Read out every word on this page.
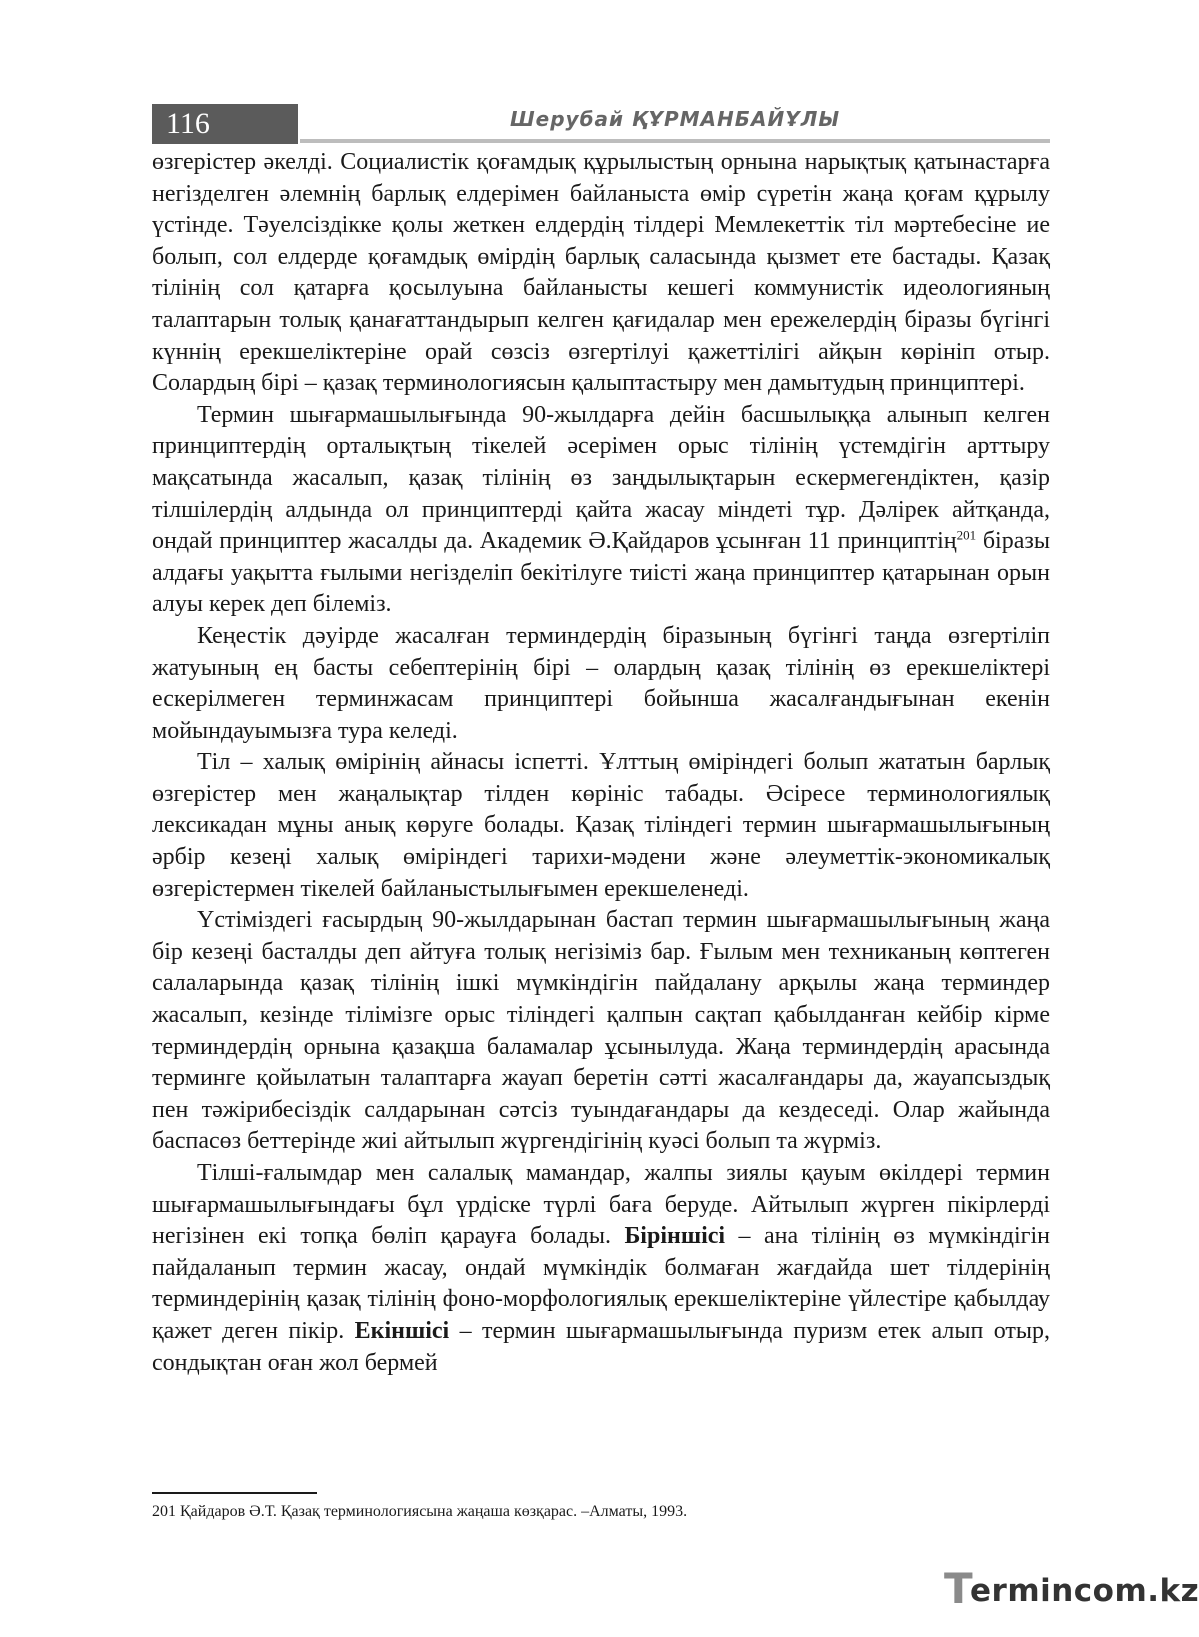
116	Шерубай ҚҰРМАНБАЙҰЛЫ

өзгерістер әкелді. Социалистік қоғамдық құрылыстың орнына нарықтық қатынастарға негізделген әлемнің барлық елдерімен байланыста өмір сүретін жаңа қоғам құрылу үстінде. Тәуелсіздікке қолы жеткен елдердің тілдері Мемлекеттік тіл мәртебесіне ие болып, сол елдерде қоғамдық өмірдің барлық саласында қызмет ете бастады. Қазақ тілінің сол қатарға қосылуына байланысты кешегі коммунистік идеологияның талаптарын толық қанағаттандырып келген қағидалар мен ережелердің біразы бүгінгі күннің ерекшеліктеріне орай сөзсіз өзгертілуі қажеттілігі айқын көрініп отыр. Солардың бірі – қазақ терминологиясын қалыптастыру мен дамытудың принциптері.

Термин шығармашылығында 90-жылдарға дейін басшылыққа алынып келген принциптердің орталықтың тікелей әсерімен орыс тілінің үстемдігін арттыру мақсатында жасалып, қазақ тілінің өз заңдылықтарын ескермегендіктен, қазір тілшілердің алдында ол принциптерді қайта жасау міндеті тұр. Дәлірек айтқанда, ондай принциптер жасалды да. Академик Ә.Қайдаров ұсынған 11 принциптің$^{201}$ біразы алдағы уақытта ғылыми негізделіп бекітілуге тиісті жаңа принциптер қатарынан орын алуы керек деп білеміз.

Кеңестік дәуірде жасалған терминдердің біразының бүгінгі таңда өзгертіліп жатуының ең басты себептерінің бірі – олардың қазақ тілінің өз ерекшеліктері ескерілмеген терминжасам принциптері бойынша жасалғандығынан екенін мойындауымызға тура келеді.

Тіл – халық өмірінің айнасы іспетті. Ұлттың өміріндегі болып жататын барлық өзгерістер мен жаңалықтар тілден көрініс табады. Әсіресе терминологиялық лексикадан мұны анық көруге болады. Қазақ тіліндегі термин шығармашылығының әрбір кезеңі халық өміріндегі тарихи-мәдени және әлеуметтік-экономикалық өзгерістермен тікелей байланыстылығымен ерекшеленеді.

Үстіміздегі ғасырдың 90-жылдарынан бастап термин шығармашылығының жаңа бір кезеңі басталды деп айтуға толық негізіміз бар. Ғылым мен техниканың көптеген салаларында қазақ тілінің ішкі мүмкіндігін пайдалану арқылы жаңа терминдер жасалып, кезінде тілімізге орыс тіліндегі қалпын сақтап қабылданған кейбір кірме терминдердің орнына қазақша баламалар ұсынылуда. Жаңа терминдердің арасында терминге қойылатын талаптарға жауап беретін сәтті жасалғандары да, жауапсыздық пен тәжірибесіздік салдарынан сәтсіз туындағандары да кездеседі. Олар жайында баспасөз беттерінде жиі айтылып жүргендігінің куәсі болып та жүрміз.

Тілші-ғалымдар мен салалық мамандар, жалпы зиялы қауым өкілдері термин шығармашылығындағы бұл үрдіске түрлі баға беруде. Айтылып жүрген пікірлерді негізінен екі топқа бөліп қарауға болады. Біріншісі – ана тілінің өз мүмкіндігін пайдаланып термин жасау, ондай мүмкіндік болмаған жағдайда шет тілдерінің терминдерінің қазақ тілінің фоно-морфологиялық ерекшеліктеріне үйлестіре қабылдау қажет деген пікір. Екіншісі – термин шығармашылығында пуризм етек алып отыр, сондықтан оған жол бермей

201 Қайдаров Ә.Т. Қазақ терминологиясына жаңаша көзқарас. –Алматы, 1993.
T
ermincom.kz
